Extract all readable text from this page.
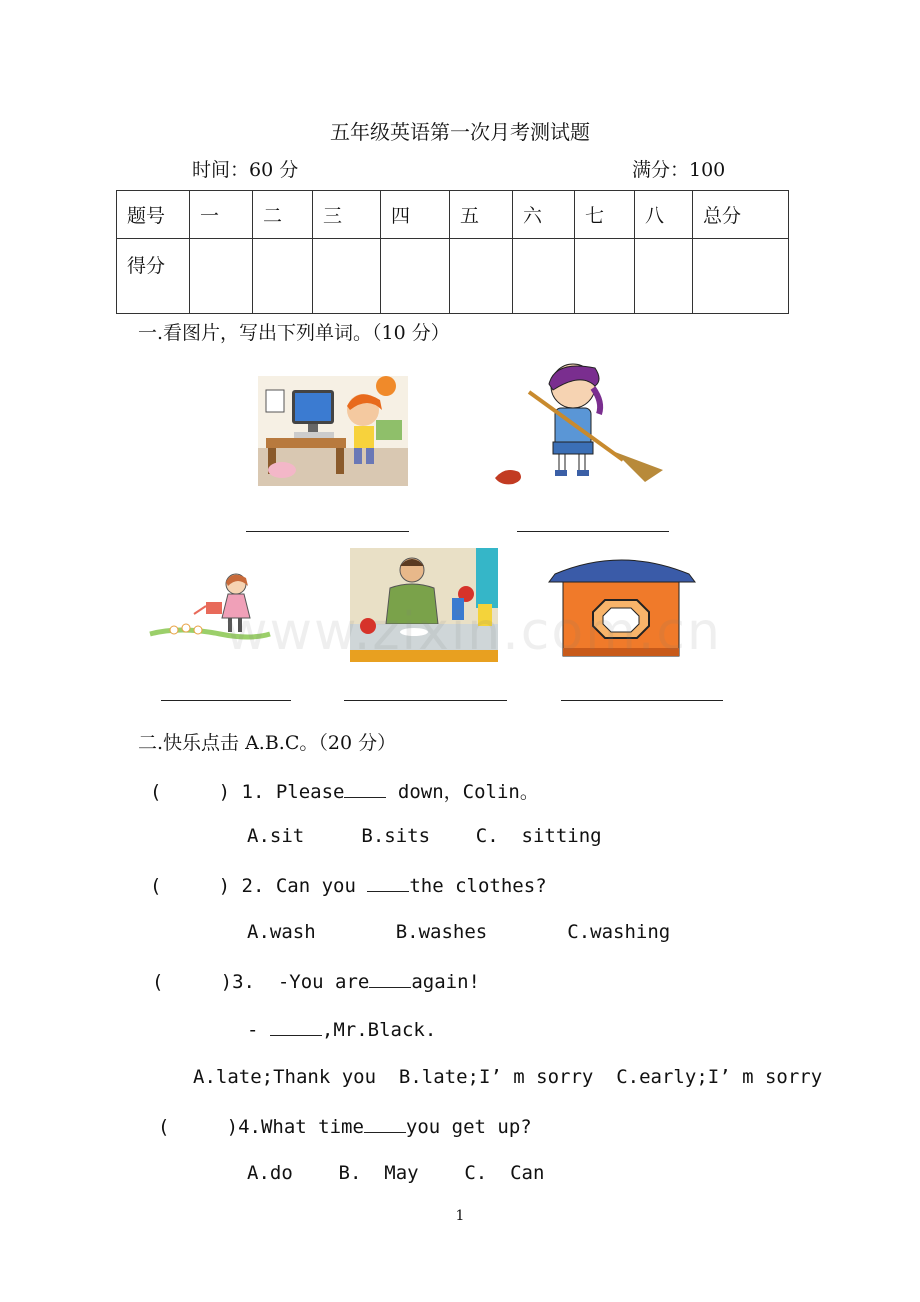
五年级英语第一次月考测试题
时间：60 分	满分：100
题号	一	二	三	四	五	六	七	八	总分
得分									
一.看图片，写出下列单词。（10 分）
www.zixin.com.cn
二.快乐点击 A.B.C。（20 分）
(     ) 1. Please down，Colin。
A.sit     B.sits    C.  sitting
(     ) 2. Can you the clothes?
A.wash       B.washes       C.washing
(     )3. -You are again!
-	,Mr.Black.
A.late;Thank you  B.late;I’ m sorry  C.early;I’ m sorry
(     )4.What time you get up?
A.do    B.  May    C.  Can
1
